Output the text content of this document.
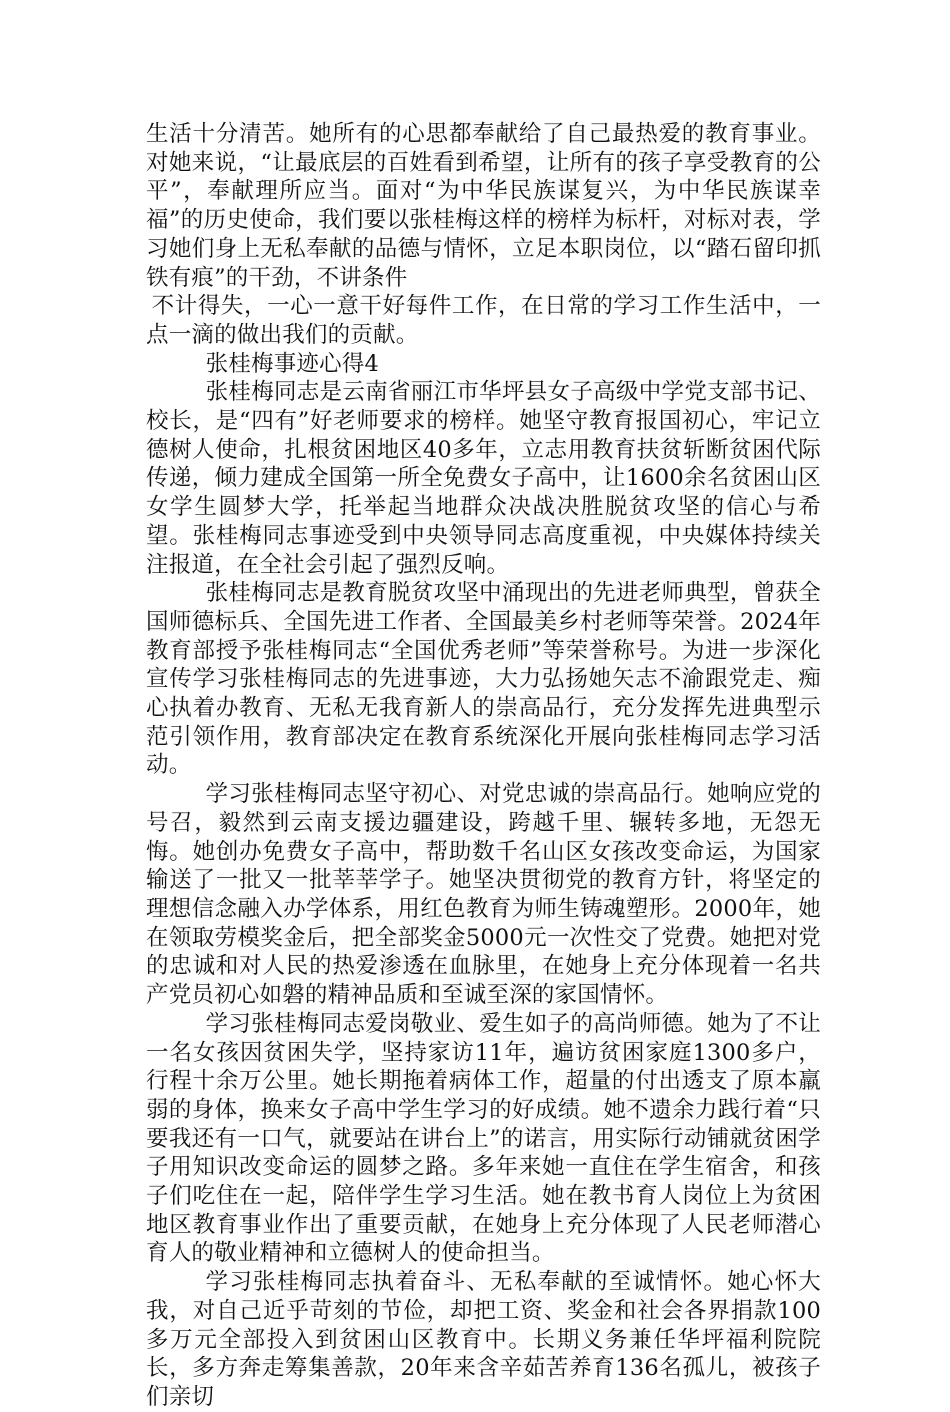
生活十分清苦。她所有的心思都奉献给了自己最热爱的教育事业。对她来说，“让最底层的百姓看到希望，让所有的孩子享受教育的公平”，奉献理所应当。面对“为中华民族谋复兴，为中华民族谋幸福”的历史使命，我们要以张桂梅这样的榜样为标杆，对标对表，学习她们身上无私奉献的品德与情怀，立足本职岗位，以“踏石留印抓铁有痕”的干劲，不讲条件

不计得失，一心一意干好每件工作，在日常的学习工作生活中，一点一滴的做出我们的贡献。

张桂梅事迹心得4

张桂梅同志是云南省丽江市华坪县女子高级中学党支部书记、校长，是“四有”好老师要求的榜样。她坚守教育报国初心，牢记立德树人使命，扎根贫困地区40多年，立志用教育扶贫斩断贫困代际传递，倾力建成全国第一所全免费女子高中，让1600余名贫困山区女学生圆梦大学，托举起当地群众决战决胜脱贫攻坚的信心与希望。张桂梅同志事迹受到中央领导同志高度重视，中央媒体持续关注报道，在全社会引起了强烈反响。

张桂梅同志是教育脱贫攻坚中涌现出的先进老师典型，曾获全国师德标兵、全国先进工作者、全国最美乡村老师等荣誉。2024年教育部授予张桂梅同志“全国优秀老师”等荣誉称号。为进一步深化宣传学习张桂梅同志的先进事迹，大力弘扬她矢志不渝跟党走、痴心执着办教育、无私无我育新人的崇高品行，充分发挥先进典型示范引领作用，教育部决定在教育系统深化开展向张桂梅同志学习活动。

学习张桂梅同志坚守初心、对党忠诚的崇高品行。她响应党的号召，毅然到云南支援边疆建设，跨越千里、辗转多地，无怨无悔。她创办免费女子高中，帮助数千名山区女孩改变命运，为国家输送了一批又一批莘莘学子。她坚决贯彻党的教育方针，将坚定的理想信念融入办学体系，用红色教育为师生铸魂塑形。2000年，她在领取劳模奖金后，把全部奖金5000元一次性交了党费。她把对党的忠诚和对人民的热爱渗透在血脉里，在她身上充分体现着一名共产党员初心如磐的精神品质和至诚至深的家国情怀。

学习张桂梅同志爱岗敬业、爱生如子的高尚师德。她为了不让一名女孩因贫困失学，坚持家访11年，遍访贫困家庭1300多户，行程十余万公里。她长期拖着病体工作，超量的付出透支了原本羸弱的身体，换来女子高中学生学习的好成绩。她不遗余力践行着“只要我还有一口气，就要站在讲台上”的诺言，用实际行动铺就贫困学子用知识改变命运的圆梦之路。多年来她一直住在学生宿舍，和孩子们吃住在一起，陪伴学生学习生活。她在教书育人岗位上为贫困地区教育事业作出了重要贡献，在她身上充分体现了人民老师潜心育人的敬业精神和立德树人的使命担当。

学习张桂梅同志执着奋斗、无私奉献的至诚情怀。她心怀大我，对自己近乎苛刻的节俭，却把工资、奖金和社会各界捐款100多万元全部投入到贫困山区教育中。长期义务兼任华坪福利院院长，多方奔走筹集善款，20年来含辛茹苦养育136名孤儿，被孩子们亲切
